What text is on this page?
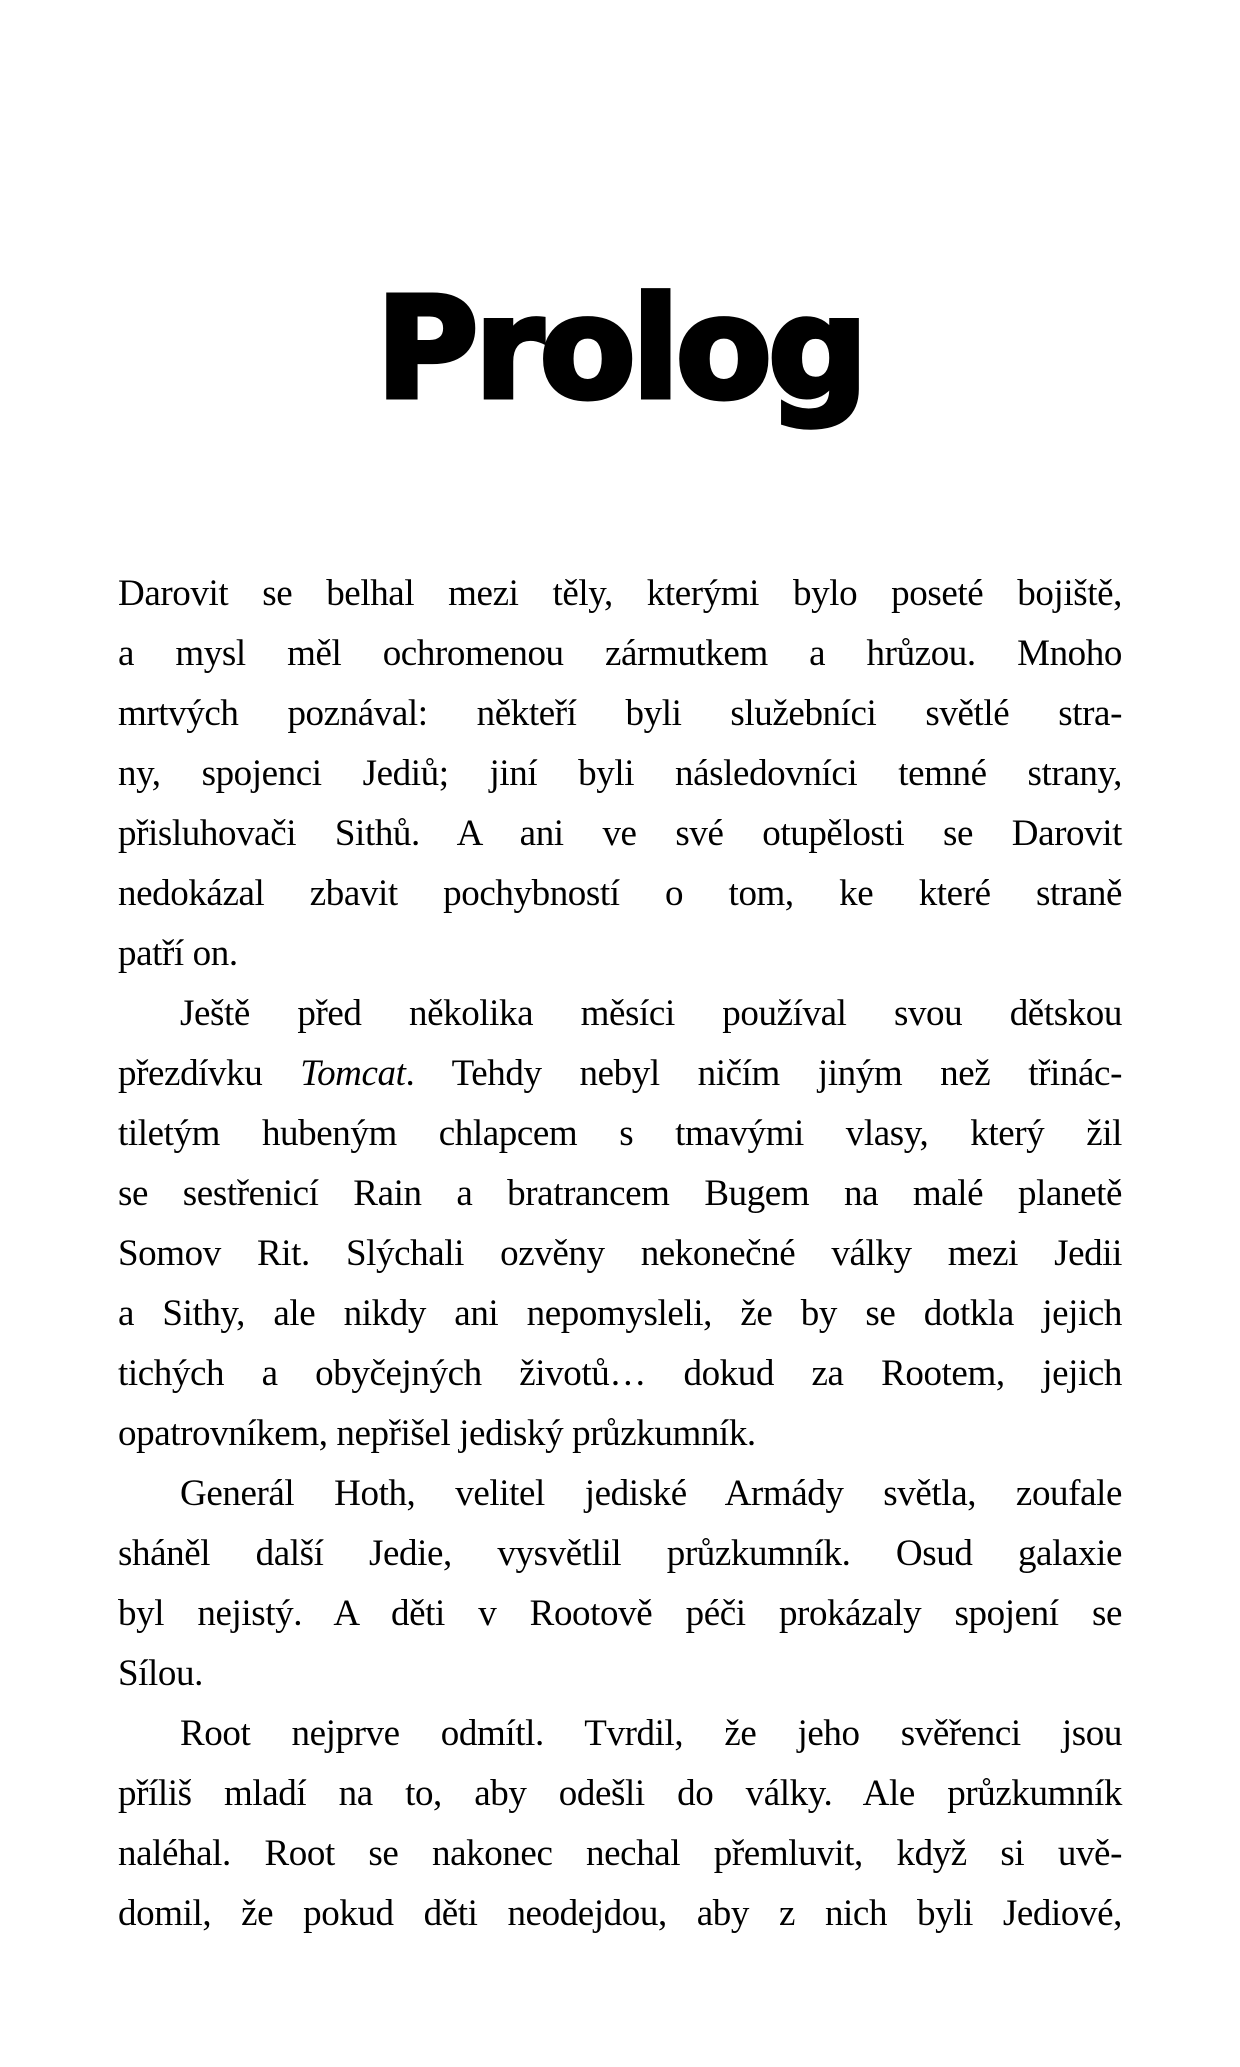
Prolog
Darovit se belhal mezi těly, kterými bylo poseté bojiště,
a mysl měl ochromenou zármutkem a hrůzou. Mnoho
mrtvých poznával: někteří byli služebníci světlé stra-
ny, spojenci Jediů; jiní byli následovníci temné strany,
přisluhovači Sithů. A ani ve své otupělosti se Darovit
nedokázal zbavit pochybností o tom, ke které straně
patří on.
Ještě před několika měsíci používal svou dětskou
přezdívku Tomcat. Tehdy nebyl ničím jiným než třinác-
tiletým hubeným chlapcem s tmavými vlasy, který žil
se sestřenicí Rain a bratrancem Bugem na malé planetě
Somov Rit. Slýchali ozvěny nekonečné války mezi Jedii
a Sithy, ale nikdy ani nepomysleli, že by se dotkla jejich
tichých a obyčejných životů… dokud za Rootem, jejich
opatrovníkem, nepřišel jediský průzkumník.
Generál Hoth, velitel jediské Armády světla, zoufale
sháněl další Jedie, vysvětlil průzkumník. Osud galaxie
byl nejistý. A děti v Rootově péči prokázaly spojení se
Sílou.
Root nejprve odmítl. Tvrdil, že jeho svěřenci jsou
příliš mladí na to, aby odešli do války. Ale průzkumník
naléhal. Root se nakonec nechal přemluvit, když si uvě-
domil, že pokud děti neodejdou, aby z nich byli Jediové,
